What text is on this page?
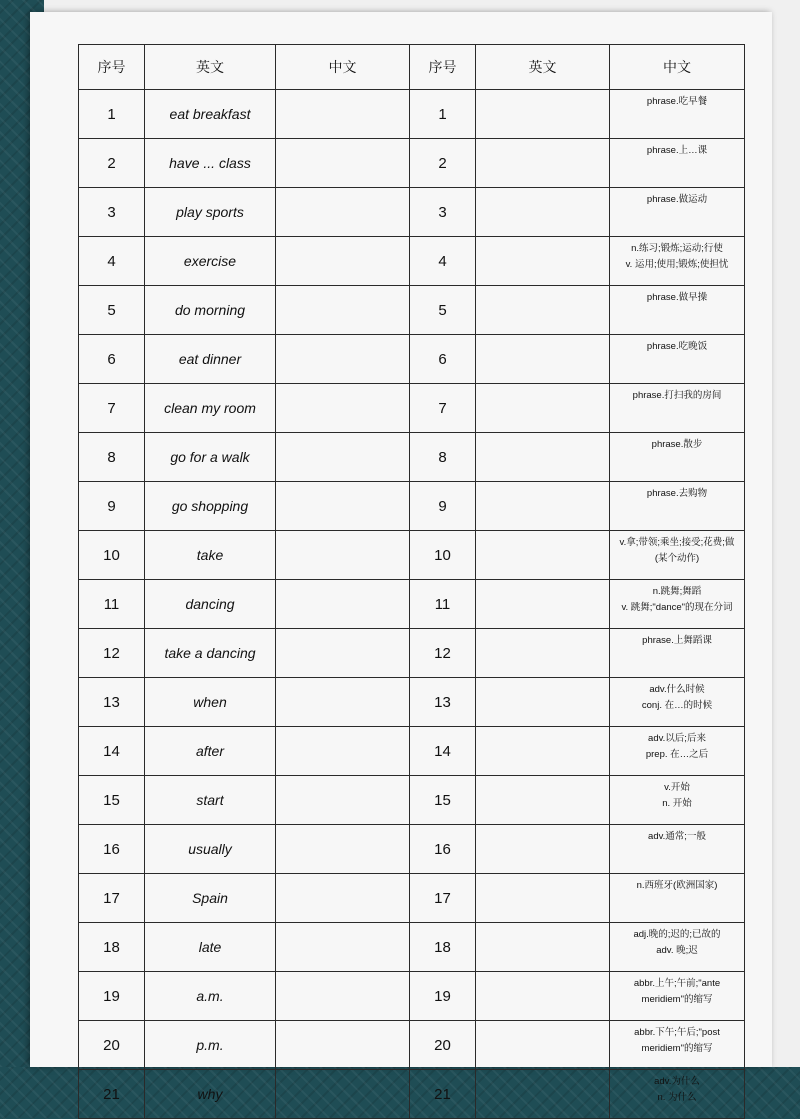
序号	英文	中文	序号	英文	中文
1	eat breakfast		1		phrase.吃早餐

2	have ... class		2		phrase.上…课

3	play sports		3		phrase.做运动

4	exercise		4		n.练习;锻炼;运动;行使
v. 运用;使用;锻炼;使担忧

5	do morning		5		phrase.做早操

6	eat dinner		6		phrase.吃晚饭

7	clean my room		7		phrase.打扫我的房间

8	go for a walk		8		phrase.散步

9	go shopping		9		phrase.去购物

10	take		10		v.拿;带领;乘坐;接受;花费;做
(某个动作)

11	dancing		11		n.跳舞;舞蹈
v. 跳舞;"dance"的现在分词

12	take a dancing		12		phrase.上舞蹈课

13	when		13		adv.什么时候
conj. 在…的时候

14	after		14		adv.以后;后来
prep. 在…之后

15	start		15		v.开始
n. 开始

16	usually		16		adv.通常;一般

17	Spain		17		n.西班牙(欧洲国家)

18	late		18		adj.晚的;迟的;已故的
adv. 晚;迟

19	a.m.		19		abbr.上午;午前;"ante
meridiem"的缩写

20	p.m.		20		abbr.下午;午后;"post
meridiem"的缩写

21	why		21		adv.为什么
n. 为什么
